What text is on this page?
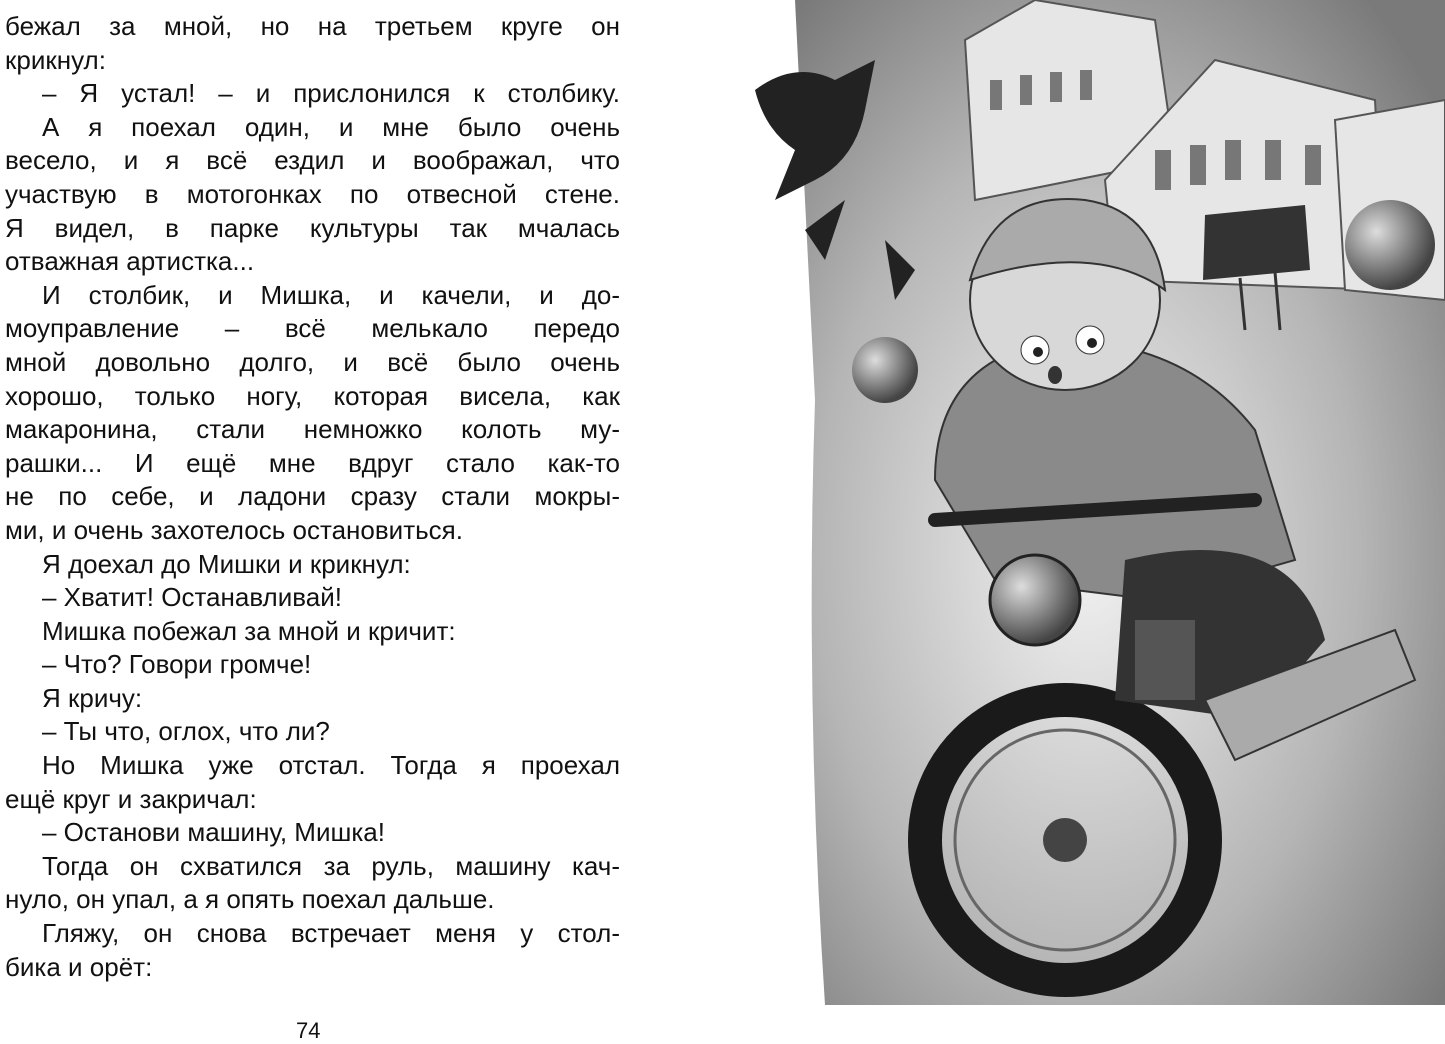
бежал за мной, но на третьем круге он
крикнул:
– Я устал! – и прислонился к столбику.
А я поехал один, и мне было очень
весело, и я всё ездил и воображал, что
участвую в мотогонках по отвесной стене.
Я видел, в парке культуры так мчалась
отважная артистка...
И столбик, и Мишка, и качели, и до-
моуправление – всё мелькало передо
мной довольно долго, и всё было очень
хорошо, только ногу, которая висела, как
макаронина, стали немножко колоть му-
рашки... И ещё мне вдруг стало как-то
не по себе, и ладони сразу стали мокры-
ми, и очень захотелось остановиться.
Я доехал до Мишки и крикнул:
– Хватит! Останавливай!
Мишка побежал за мной и кричит:
– Что? Говори громче!
Я кричу:
– Ты что, оглох, что ли?
Но Мишка уже отстал. Тогда я проехал
ещё круг и закричал:
– Останови машину, Мишка!
Тогда он схватился за руль, машину кач-
нуло, он упал, а я опять поехал дальше.
Гляжу, он снова встречает меня у стол-
бика и орёт:
74
